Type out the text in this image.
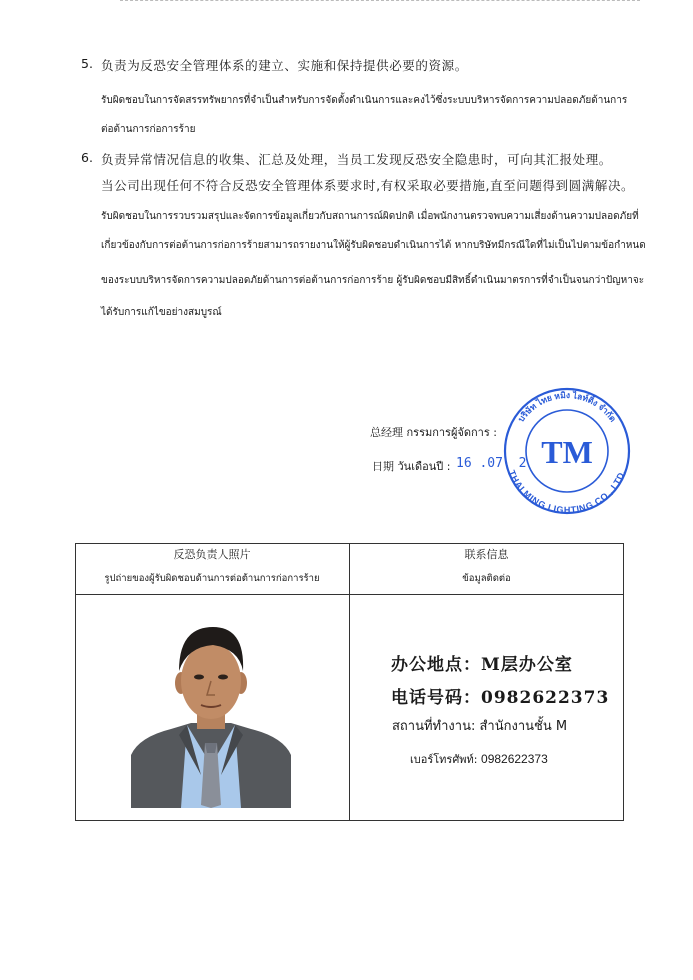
5. 负责为反恐安全管理体系的建立、实施和保持提供必要的资源。
รับผิดชอบในการจัดสรรทรัพยากรที่จำเป็นสำหรับการจัดตั้งดำเนินการและคงไว้ซึ่งระบบบริหารจัดการความปลอดภัยด้านการ
ต่อต้านการก่อการร้าย
6. 负责异常情况信息的收集、汇总及处理，当员工发现反恐安全隐患时，可向其汇报处理。
当公司出现任何不符合反恐安全管理体系要求时,有权采取必要措施,直至问题得到圆满解决。
รับผิดชอบในการรวบรวมสรุปและจัดการข้อมูลเกี่ยวกับสถานการณ์ผิดปกติ เมื่อพนักงานตรวจพบความเสี่ยงด้านความปลอดภัยที่
เกี่ยวข้องกับการต่อต้านการก่อการร้ายสามารถรายงานให้ผู้รับผิดชอบดำเนินการได้ หากบริษัทมีกรณีใดที่ไม่เป็นไปตามข้อกำหนด
ของระบบบริหารจัดการความปลอดภัยด้านการต่อต้านการก่อการร้าย ผู้รับผิดชอบมีสิทธิ์ดำเนินมาตรการที่จำเป็นจนกว่าปัญหาจะ
ได้รับการแก้ไขอย่างสมบูรณ์
总经理 กรรมการผู้จัดการ :
日期 วันเดือนปี : 16 .07. 2
บริษัท ไทย หมิง ไลท์ติ้ง จำกัด
THAI MING LIGHTING CO., LTD.
TM
反恐负责人照片
รูปถ่ายของผู้รับผิดชอบด้านการต่อต้านการก่อการร้าย
联系信息
ข้อมูลติดต่อ
办公地点：M层办公室
电话号码：0982622373
สถานที่ทำงาน: สำนักงานชั้น M
เบอร์โทรศัพท์: 0982622373
